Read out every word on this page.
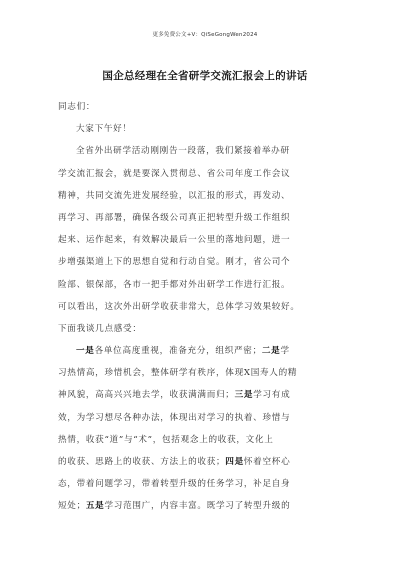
更多免费公文+V：QiSeGongWen2024
国企总经理在全省研学交流汇报会上的讲话
同志们：
大家下午好！
全省外出研学活动刚刚告一段落，我们紧接着举办研
学交流汇报会，就是要深入贯彻总、省公司年度工作会议
精神，共同交流先进发展经验，以汇报的形式，再发动、
再学习、再部署，确保各级公司真正把转型升级工作组织
起来、运作起来，有效解决最后一公里的落地问题，进一
步增强渠道上下的思想自觉和行动自觉。刚才，省公司个
险部、银保部，各市一把手都对外出研学工作进行汇报。
可以看出，这次外出研学收获非常大，总体学习效果较好。
下面我谈几点感受：
一是各单位高度重视，准备充分，组织严密；二是学
习热情高，珍惜机会，整体研学有秩序，体现X国寿人的精
神风貌，高高兴兴地去学，收获满满而归；三是学习有成
效，为学习想尽各种办法，体现出对学习的执着、珍惜与
热情，收获“道”与“术”，包括观念上的收获，文化上
的收获、思路上的收获、方法上的收获；四是怀着空杯心
态，带着问题学习，带着转型升级的任务学习，补足自身
短处；五是学习范围广，内容丰富。既学习了转型升级的
